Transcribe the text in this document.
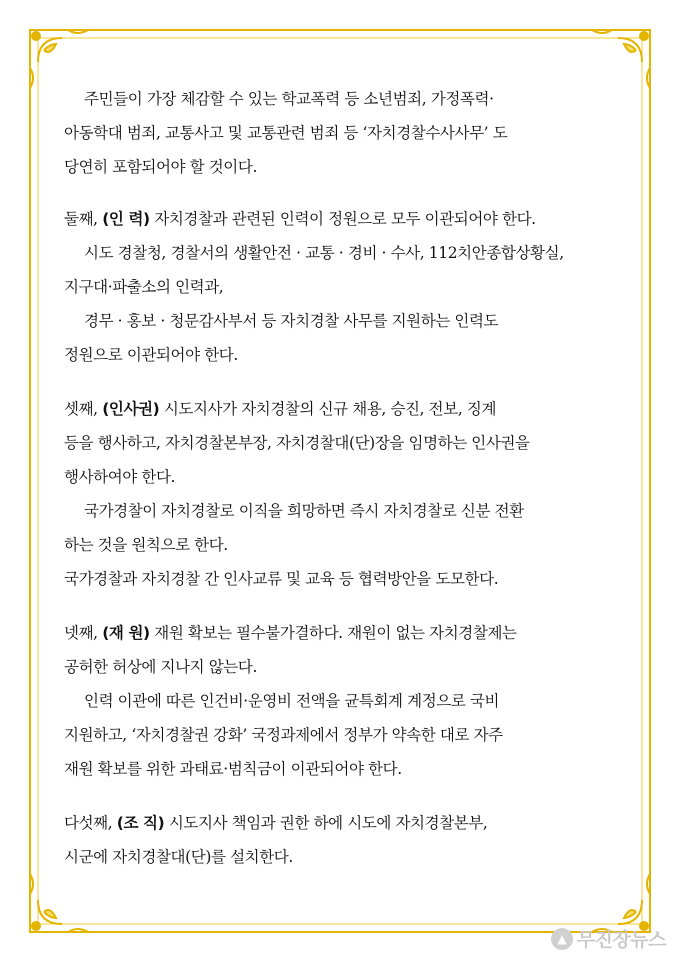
주민들이 가장 체감할 수 있는 학교폭력 등 소년범죄, 가정폭력·
아동학대 범죄, 교통사고 및 교통관련 범죄 등 ‘자치경찰수사사무’ 도
당연히 포함되어야 할 것이다.
둘째, (인 력) 자치경찰과 관련된 인력이 정원으로 모두 이관되어야 한다.
시도 경찰청, 경찰서의 생활안전 · 교통 · 경비 · 수사, 112치안종합상황실,
지구대·파출소의 인력과,
경무 · 홍보 · 청문감사부서 등 자치경찰 사무를 지원하는 인력도
정원으로 이관되어야 한다.
셋째, (인사권) 시도지사가 자치경찰의 신규 채용, 승진, 전보, 징계
등을 행사하고, 자치경찰본부장, 자치경찰대(단)장을 임명하는 인사권을
행사하여야 한다.
국가경찰이 자치경찰로 이직을 희망하면 즉시 자치경찰로 신분 전환
하는 것을 원칙으로 한다.
국가경찰과 자치경찰 간 인사교류 및 교육 등 협력방안을 도모한다.
넷째, (재 원) 재원 확보는 필수불가결하다. 재원이 없는 자치경찰제는
공허한 허상에 지나지 않는다.
인력 이관에 따른 인건비·운영비 전액을 균특회계 계정으로 국비
지원하고, ‘자치경찰권 강화’ 국정과제에서 정부가 약속한 대로 자주
재원 확보를 위한 과태료·범칙금이 이관되어야 한다.
다섯째, (조 직) 시도지사 책임과 권한 하에 시도에 자치경찰본부,
시군에 자치경찰대(단)를 설치한다.
▲ 무진장뉴스
